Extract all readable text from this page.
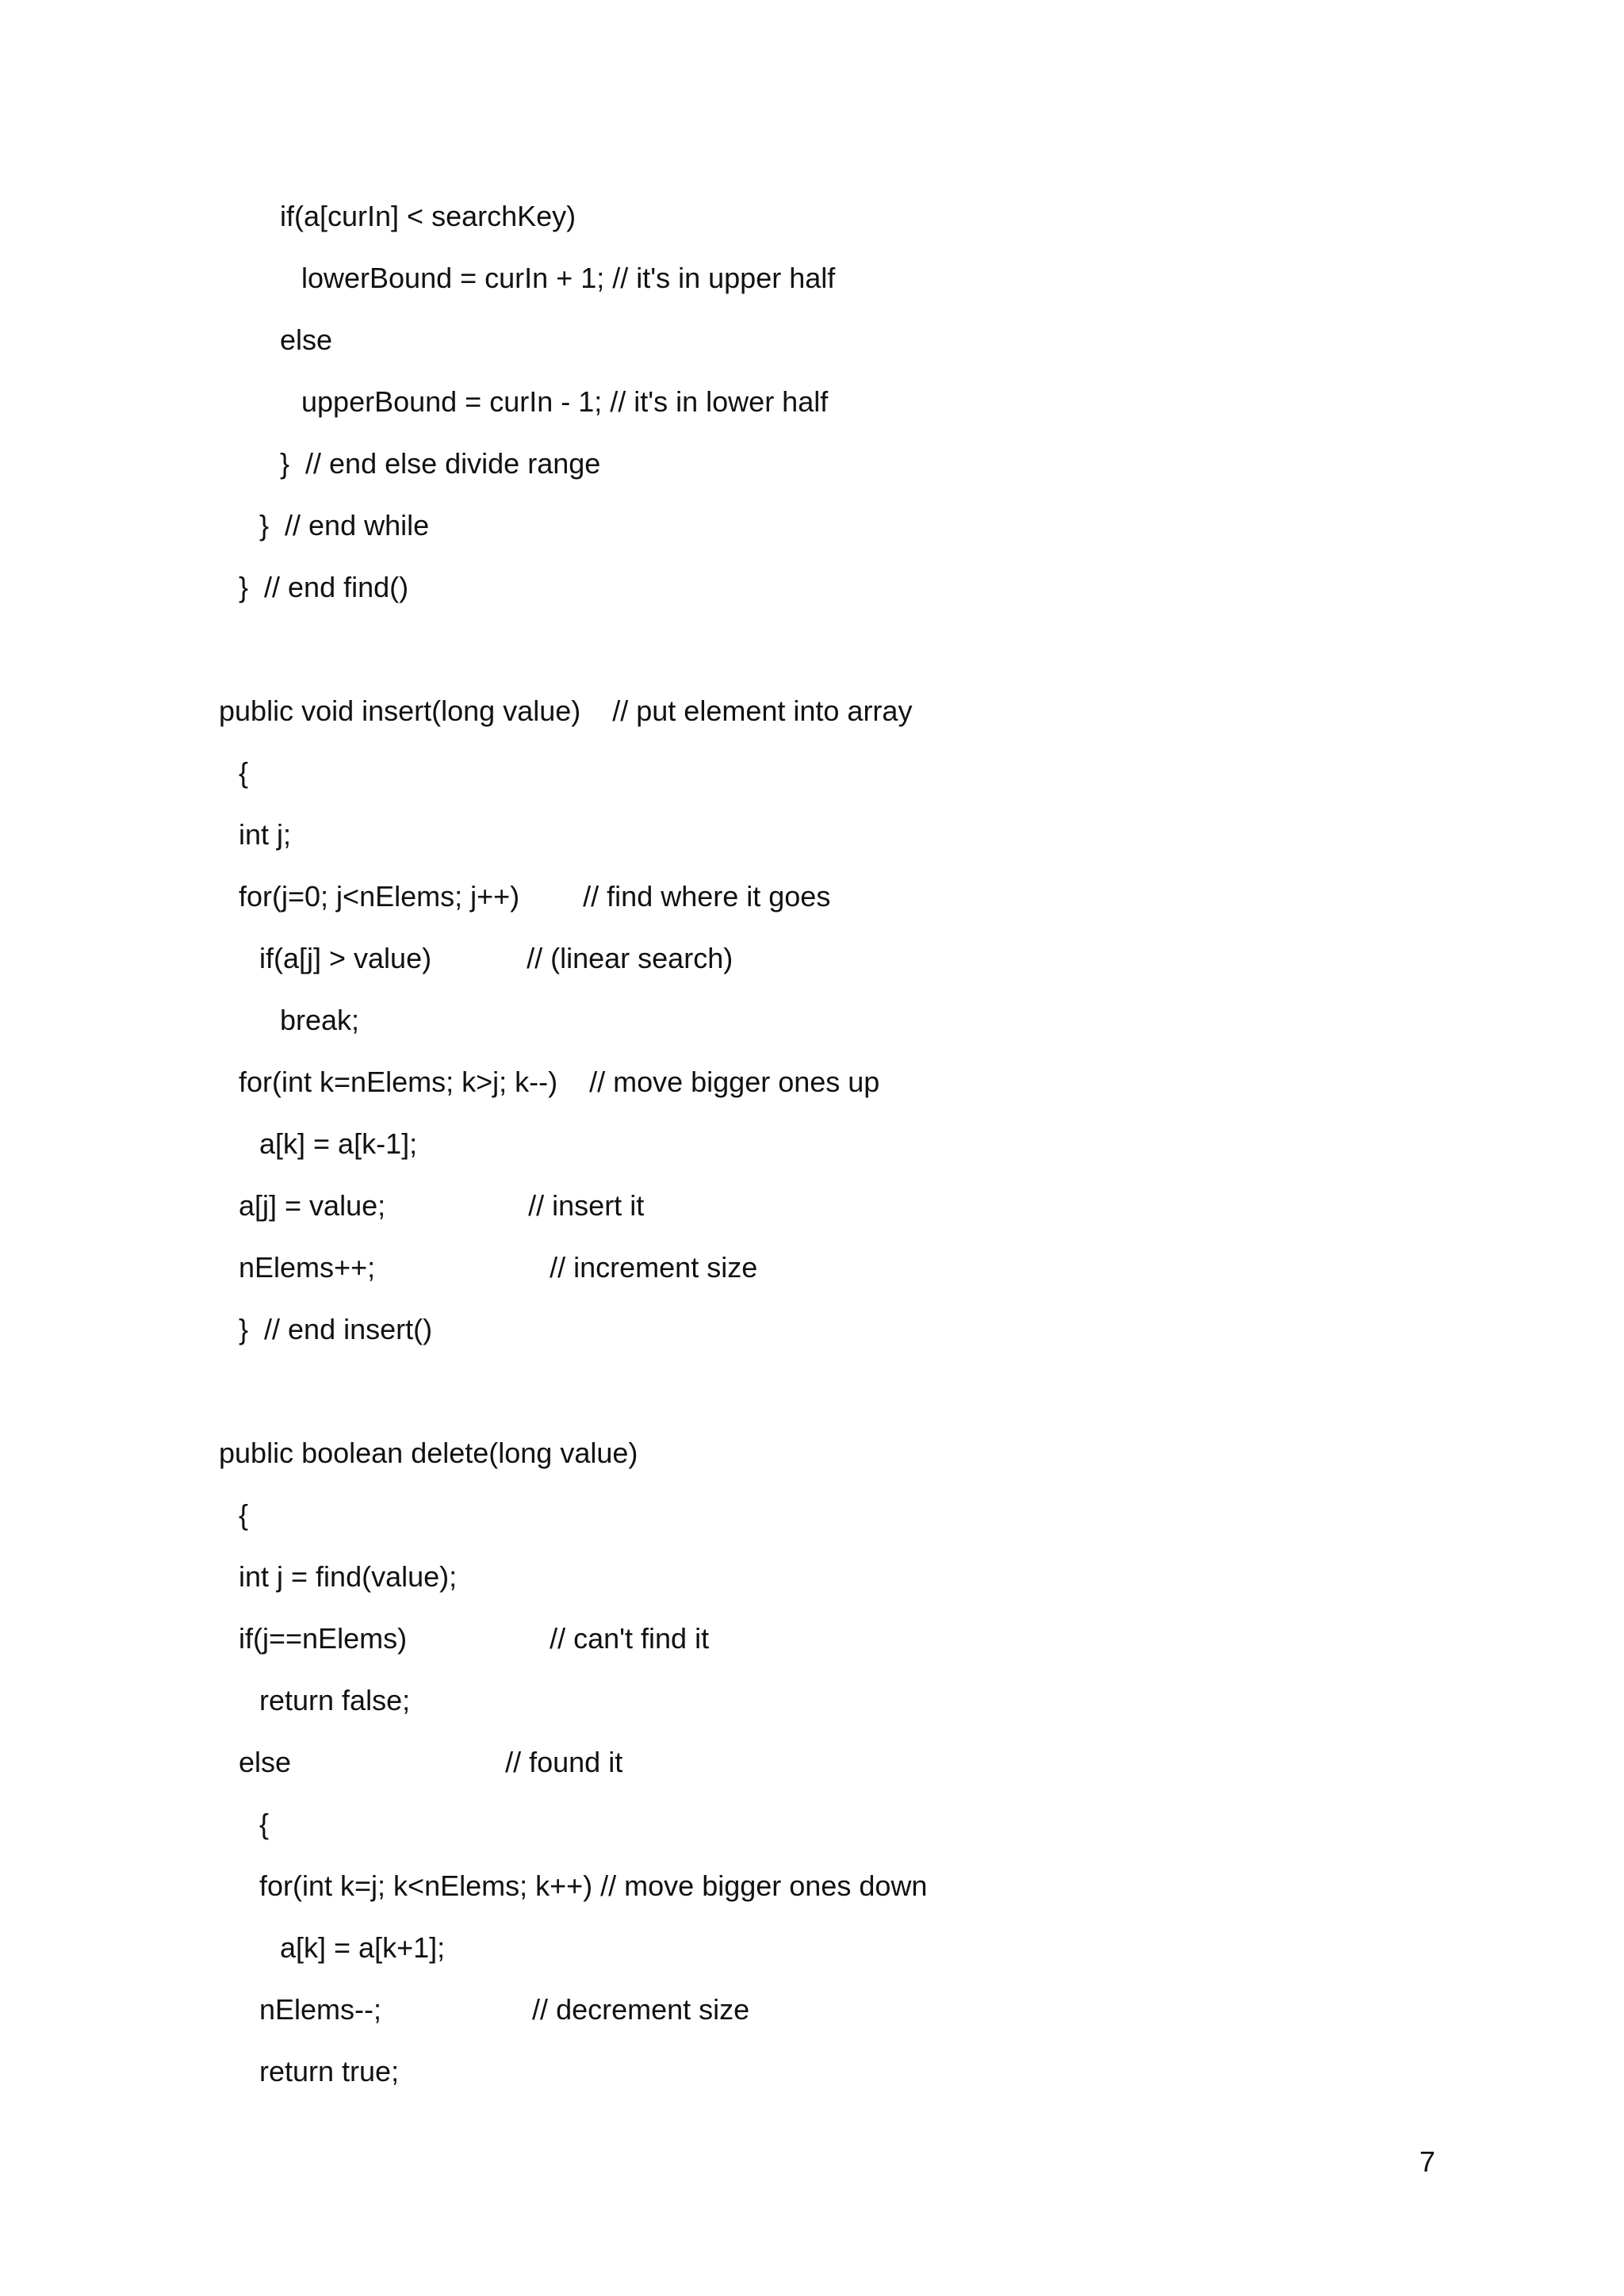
if(a[curIn] < searchKey)
lowerBound = curIn + 1; // it's in upper half
else
upperBound = curIn - 1; // it's in lower half
}  // end else divide range
}  // end while
}  // end find()
public void insert(long value)    // put element into array
{
int j;
for(j=0; j<nElems; j++)        // find where it goes
if(a[j] > value)            // (linear search)
break;
for(int k=nElems; k>j; k--)    // move bigger ones up
a[k] = a[k-1];
a[j] = value;                  // insert it
nElems++;                      // increment size
}  // end insert()
public boolean delete(long value)
{
int j = find(value);
if(j==nElems)                  // can't find it
return false;
else                           // found it
{
for(int k=j; k<nElems; k++) // move bigger ones down
a[k] = a[k+1];
nElems--;                   // decrement size
return true;
7
